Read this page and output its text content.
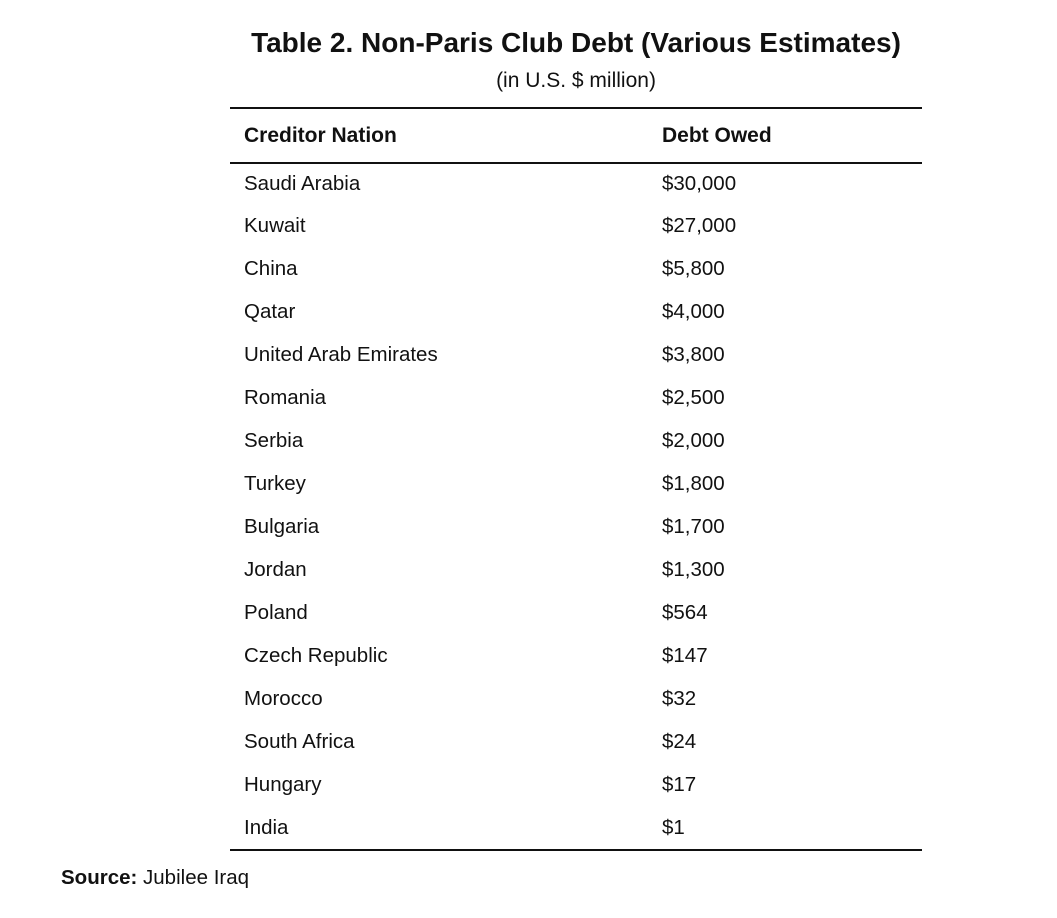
Table 2. Non-Paris Club Debt (Various Estimates)
(in U.S. $ million)
Creditor Nation	Debt Owed
Saudi Arabia	$30,000
Kuwait	$27,000
China	$5,800
Qatar	$4,000
United Arab Emirates	$3,800
Romania	$2,500
Serbia	$2,000
Turkey	$1,800
Bulgaria	$1,700
Jordan	$1,300
Poland	$564
Czech Republic	$147
Morocco	$32
South Africa	$24
Hungary	$17
India	$1
Source: Jubilee Iraq
